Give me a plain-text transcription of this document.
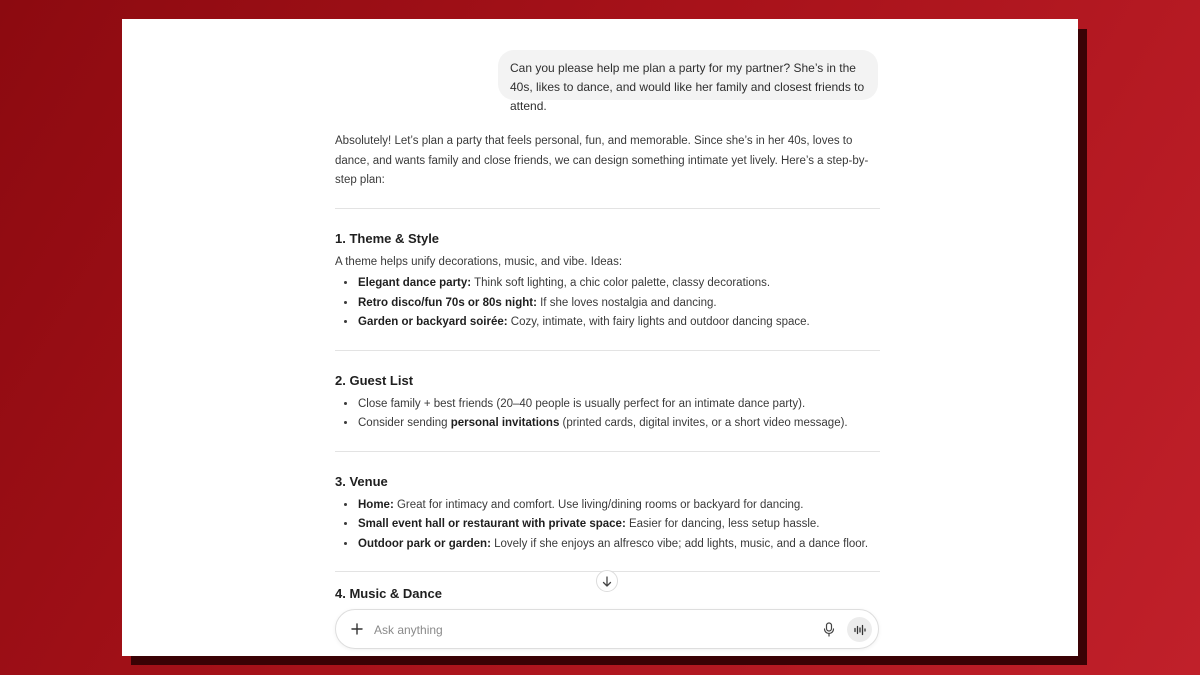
Can you please help me plan a party for my partner? She’s in the 40s, likes to dance, and would like her family and closest friends to attend.

Absolutely! Let’s plan a party that feels personal, fun, and memorable. Since she’s in her 40s, loves to dance, and wants family and close friends, we can design something intimate yet lively. Here’s a step-by-step plan:

1. Theme & Style

A theme helps unify decorations, music, and vibe. Ideas:

• Elegant dance party: Think soft lighting, a chic color palette, classy decorations.
• Retro disco/fun 70s or 80s night: If she loves nostalgia and dancing.
• Garden or backyard soirée: Cozy, intimate, with fairy lights and outdoor dancing space.
2. Guest List
• Close family + best friends (20–40 people is usually perfect for an intimate dance party).
• Consider sending personal invitations (printed cards, digital invites, or a short video message).
3. Venue
• Home: Great for intimacy and comfort. Use living/dining rooms or backyard for dancing.
• Small event hall or restaurant with private space: Easier for dancing, less setup hassle.
• Outdoor park or garden: Lovely if she enjoys an alfresco vibe; add lights, music, and a dance floor.
4. Music & Dance
Ask anything
